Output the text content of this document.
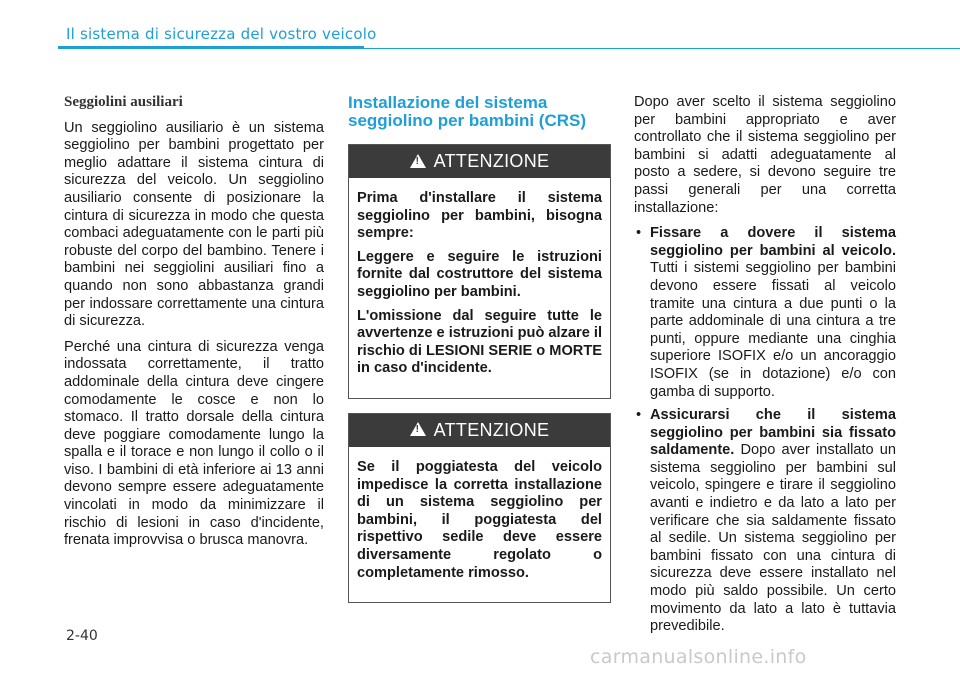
Il sistema di sicurezza del vostro veicolo
Seggiolini ausiliari

Un seggiolino ausiliario è un sistema seggiolino per bambini progettato per meglio adattare il sistema cintura di sicurezza del veicolo. Un seggiolino ausiliario consente di posizionare la cintura di sicurezza in modo che questa combaci adeguatamente con le parti più robuste del corpo del bambino. Tenere i bambini nei seggiolini ausiliari fino a quando non sono abbastanza grandi per indossare correttamente una cintura di sicurezza.

Perché una cintura di sicurezza venga indossata correttamente, il tratto addominale della cintura deve cingere comodamente le cosce e non lo stomaco. Il tratto dorsale della cintura deve poggiare comodamente lungo la spalla e il torace e non lungo il collo o il viso. I bambini di età inferiore ai 13 anni devono sempre essere adeguatamente vincolati in modo da minimizzare il rischio di lesioni in caso d'incidente, frenata improvvisa o brusca manovra.

Installazione del sistema seggiolino per bambini (CRS)
!
ATTENZIONE

Prima d'installare il sistema seggiolino per bambini, bisogna sempre:

Leggere e seguire le istruzioni fornite dal costruttore del sistema seggiolino per bambini.

L'omissione dal seguire tutte le avvertenze e istruzioni può alzare il rischio di LESIONI SERIE o MORTE in caso d'incidente.

!
ATTENZIONE

Se il poggiatesta del veicolo impedisce la corretta installazione di un sistema seggiolino per bambini, il poggiatesta del rispettivo sedile deve essere diversamente regolato o completamente rimosso.

Dopo aver scelto il sistema seggiolino per bambini appropriato e aver controllato che il sistema seggiolino per bambini si adatti adeguatamente al posto a sedere, si devono seguire tre passi generali per una corretta installazione:

• Fissare a dovere il sistema seggiolino per bambini al veicolo. Tutti i sistemi seggiolino per bambini devono essere fissati al veicolo tramite una cintura a due punti o la parte addominale di una cintura a tre punti, oppure mediante una cinghia superiore ISOFIX e/o un ancoraggio ISOFIX (se in dotazione) e/o con gamba di supporto.
• Assicurarsi che il sistema seggiolino per bambini sia fissato saldamente. Dopo aver installato un sistema seggiolino per bambini sul veicolo, spingere e tirare il seggiolino avanti e indietro e da lato a lato per verificare che sia saldamente fissato al sedile. Un sistema seggiolino per bambini fissato con una cintura di sicurezza deve essere installato nel modo più saldo possibile. Un certo movimento da lato a lato è tuttavia prevedibile.
2-40
carmanualsonline.info
